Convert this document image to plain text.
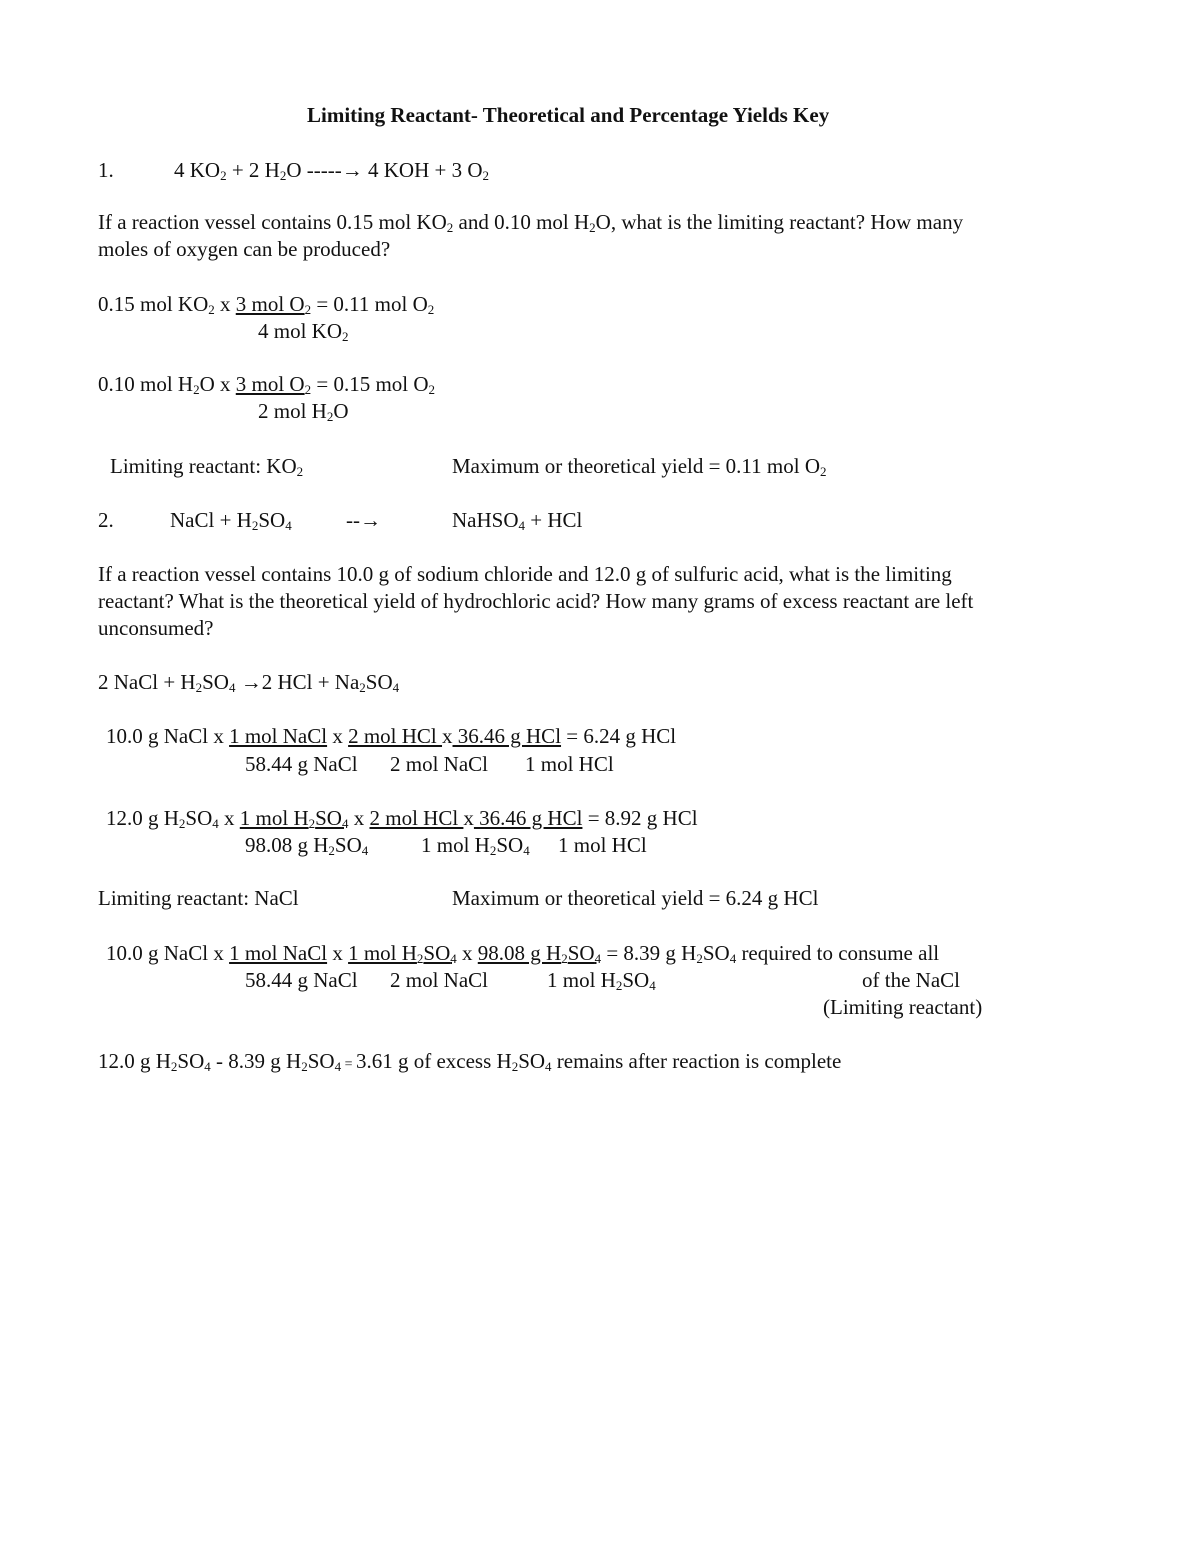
Limiting Reactant- Theoretical and Percentage Yields Key
1.	4 $KO_2 + 2$ $H_2O$ -----→ 4 KOH + 3 $O_2$
If a reaction vessel contains 0.15 mol $KO_2$ and 0.10 mol $H_2O$, what is the limiting reactant? How many
moles of oxygen can be produced?
0.15 mol $KO_2$ x 3 mol $O_2 = 0.11$ mol $O_2$
4 mol $KO_2$
0.10 mol $H_2O$ x 3 mol $O_2 = 0.15$ mol $O_2$
2 mol $H_2O$
Limiting reactant: $KO_2$	Maximum or theoretical yield = 0.11 mol $O_2$
2.	NaCl + $H_2SO_4$	--→	NaHSO$_4$ + HCl
If a reaction vessel contains 10.0 g of sodium chloride and 12.0 g of sulfuric acid, what is the limiting
reactant? What is the theoretical yield of hydrochloric acid? How many grams of excess reactant are left
unconsumed?
2 NaCl + $H_2SO_4 \to 2$ HCl + $Na_2SO_4$
10.0 g NaCl x 1 mol NaCl x 2 mol HCl x 36.46 g HCl = 6.24 g HCl
58.44 g NaCl 2 mol NaCl 1 mol HCl
12.0 g $H_2SO_4$ x 1 mol $H_2SO_4$ x 2 mol HCl x 36.46 g HCl = 8.92 g HCl
98.08 g $H_2SO_4$	1 mol $H_2SO_4$ 1 mol HCl
Limiting reactant: NaCl	Maximum or theoretical yield = 6.24 g HCl
10.0 g NaCl x 1 mol NaCl x 1 mol $H_2SO_4$ x 98.08 g $H_2SO_4 = 8.39$ g $H_2SO_4$ required to consume all
58.44 g NaCl 2 mol NaCl	1 mol $H_2SO_4$	of the NaCl
(Limiting reactant)
12.0 g $H_2SO_4 - 8.39$ g $H_2SO_4 = 3.61$ g of excess $H_2SO_4$ remains after reaction is complete
